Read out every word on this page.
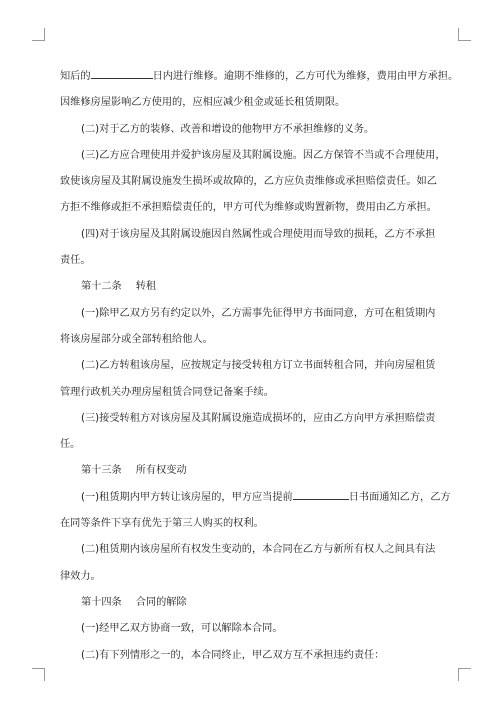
知后的	日内进行维修。逾期不维修的，乙方可代为维修，费用由甲方承担。
因维修房屋影响乙方使用的，应相应减少租金或延长租赁期限。
(二)对于乙方的装修、改善和增设的他物甲方不承担维修的义务。
(三)乙方应合理使用并爱护该房屋及其附属设施。因乙方保管不当或不合理使用，
致使该房屋及其附属设施发生损坏或故障的，乙方应负责维修或承担赔偿责任。如乙
方拒不维修或拒不承担赔偿责任的，甲方可代为维修或购置新物，费用由乙方承担。
(四)对于该房屋及其附属设施因自然属性或合理使用而导致的损耗，乙方不承担
责任。
第十二条 转租
(一)除甲乙双方另有约定以外，乙方需事先征得甲方书面同意，方可在租赁期内
将该房屋部分或全部转租给他人。
(二)乙方转租该房屋，应按规定与接受转租方订立书面转租合同，并向房屋租赁
管理行政机关办理房屋租赁合同登记备案手续。
(三)接受转租方对该房屋及其附属设施造成损坏的，应由乙方向甲方承担赔偿责
任。
第十三条 所有权变动
(一)租赁期内甲方转让该房屋的，甲方应当提前	日书面通知乙方，乙方
在同等条件下享有优先于第三人购买的权利。
(二)租赁期内该房屋所有权发生变动的，本合同在乙方与新所有权人之间具有法
律效力。
第十四条 合同的解除
(一)经甲乙双方协商一致，可以解除本合同。
(二)有下列情形之一的，本合同终止，甲乙双方互不承担违约责任：
